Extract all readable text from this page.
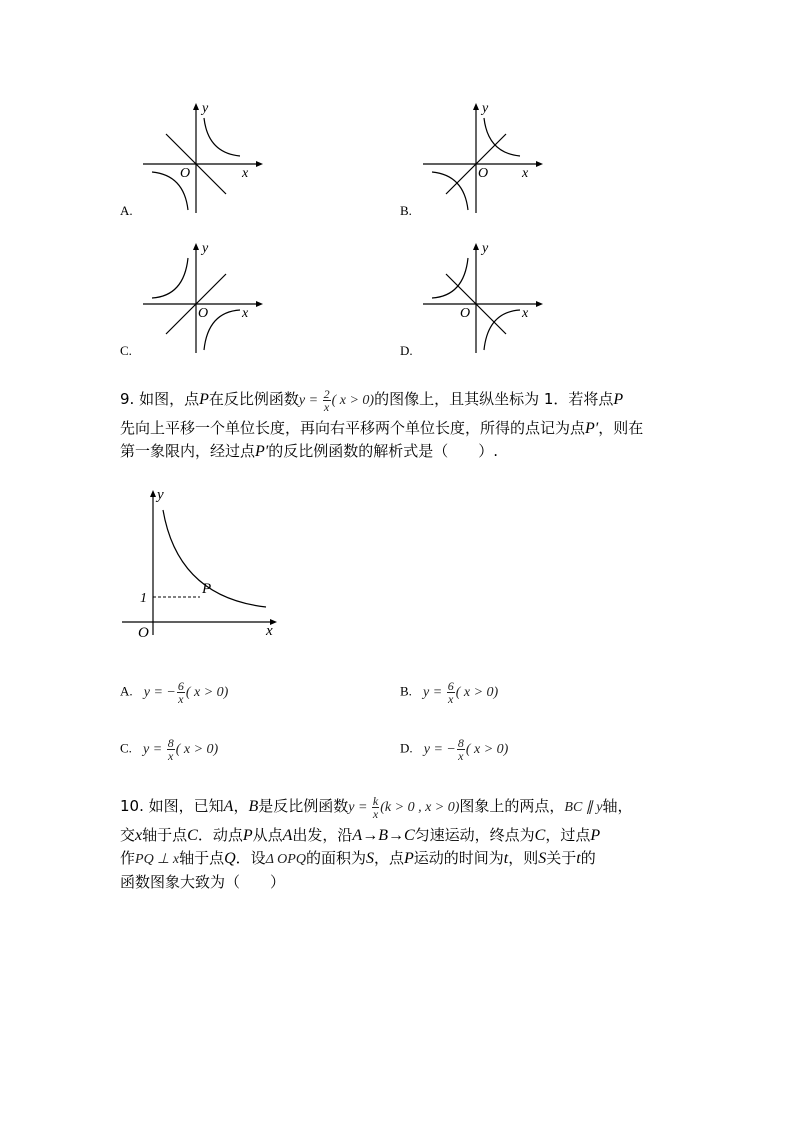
y
x
O
A.
y
x
O
B.
y
x
O
C.
y
x
O
D.
9. 如图，点P在反比例函数$y = \frac{2}{x}$ ( x > 0)的图像上，且其纵坐标为 1．若将点P
先向上平移一个单位长度，再向右平移两个单位长度，所得的点记为点P′，则在
第一象限内，经过点P′的反比例函数的解析式是（　　）.
y
x
O
1
P
A. y = − $\frac{6}{x}$ ( x > 0)	B. $y = \frac{6}{x}$ ( x > 0)
C. $y = \frac{8}{x}$ ( x > 0)	D. y = − $\frac{8}{x}$ ( x > 0)
10. 如图，已知A，B是反比例函数$y = \frac{k}{x} (k > 0$ , x > 0)图象上的两点，BC ∥ y轴，
交x轴于点C．动点P从点A出发，沿A→B→C匀速运动，终点为C，过点P
作PQ ⊥ x轴于点Q．设Δ OPQ的面积为S，点P运动的时间为t，则S关于t的
函数图象大致为（　　）
